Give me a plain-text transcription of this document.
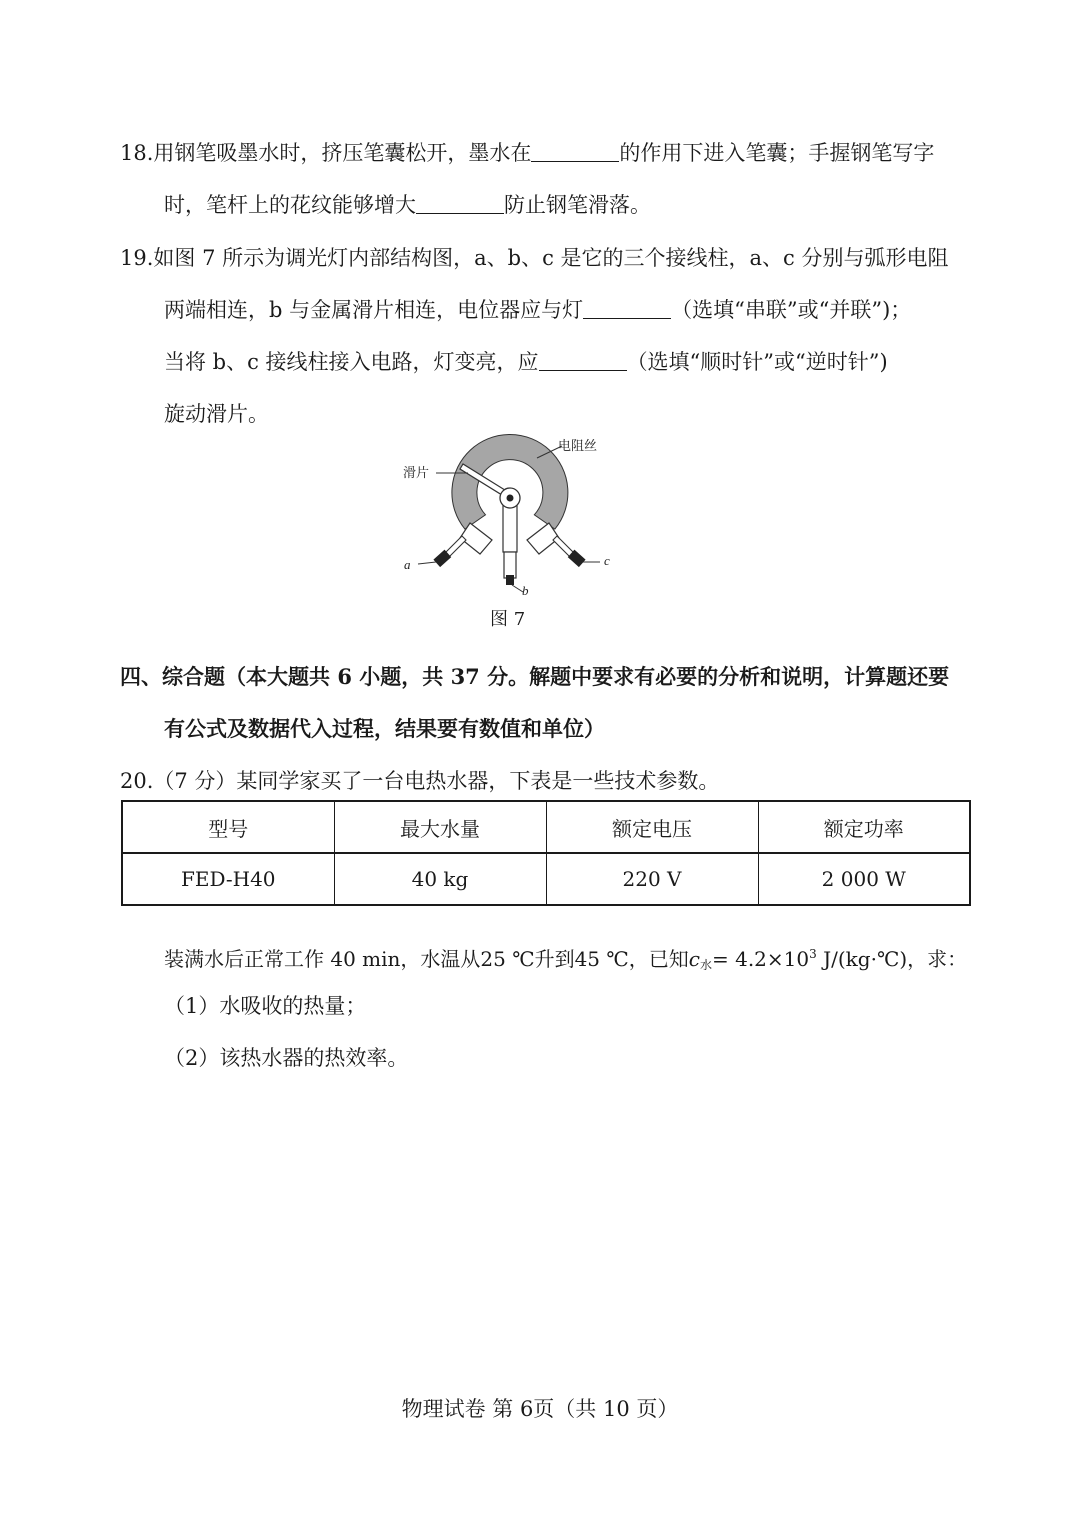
18.用钢笔吸墨水时，挤压笔囊松开，墨水在	的作用下进入笔囊；手握钢笔写字
时，笔杆上的花纹能够增大	防止钢笔滑落。
19.如图 7 所示为调光灯内部结构图，a、b、c 是它的三个接线柱，a、c 分别与弧形电阻
两端相连，b 与金属滑片相连，电位器应与灯	（选填“串联”或“并联”)；
当将 b、c 接线柱接入电路，灯变亮，应	（选填“顺时针”或“逆时针”)
旋动滑片。
电阻丝
滑片
a
b
c
图 7
四、综合题（本大题共 6 小题，共 37 分。解题中要求有必要的分析和说明，计算题还要
有公式及数据代入过程，结果要有数值和单位）
20.（7 分）某同学家买了一台电热水器，下表是一些技术参数。
型号	最大水量	额定电压	额定功率
FED-H40	40 kg	220 V	2 000 W
装满水后正常工作 40 min，水温从25 ℃升到45 ℃，已知$c_水= 4.2\times 10^3$ J/(kg·℃)，求：
（1）水吸收的热量；
（2）该热水器的热效率。
物理试卷 第 6页（共 10 页）
